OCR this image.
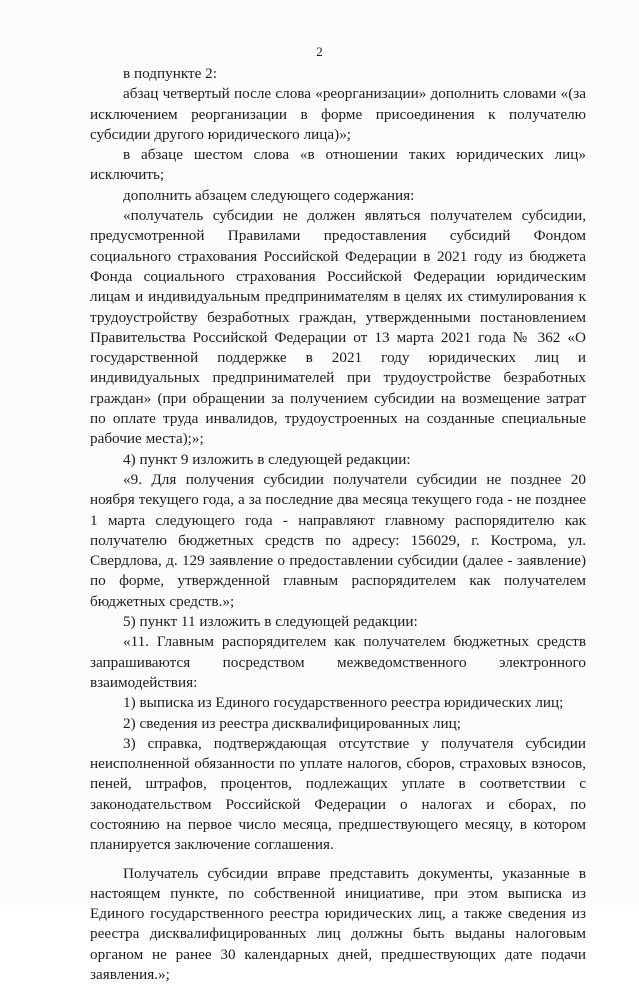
2

в подпункте 2:

абзац четвертый после слова «реорганизации» дополнить словами «(за исключением реорганизации в форме присоединения к получателю субсидии другого юридического лица)»;

в абзаце шестом слова «в отношении таких юридических лиц» исключить;

дополнить абзацем следующего содержания:

«получатель субсидии не должен являться получателем субсидии, предусмотренной Правилами предоставления субсидий Фондом социального страхования Российской Федерации в 2021 году из бюджета Фонда социального страхования Российской Федерации юридическим лицам и индивидуальным предпринимателям в целях их стимулирования к трудоустройству безработных граждан, утвержденными постановлением Правительства Российской Федерации от 13 марта 2021 года № 362 «О государственной поддержке в 2021 году юридических лиц и индивидуальных предпринимателей при трудоустройстве безработных граждан» (при обращении за получением субсидии на возмещение затрат по оплате труда инвалидов, трудоустроенных на созданные специальные рабочие места);»;

4) пункт 9 изложить в следующей редакции:

«9. Для получения субсидии получатели субсидии не позднее 20 ноября текущего года, а за последние два месяца текущего года - не позднее 1 марта следующего года - направляют главному распорядителю как получателю бюджетных средств по адресу: 156029, г. Кострома, ул. Свердлова, д. 129 заявление о предоставлении субсидии (далее - заявление) по форме, утвержденной главным распорядителем как получателем бюджетных средств.»;

5) пункт 11 изложить в следующей редакции:

«11. Главным распорядителем как получателем бюджетных средств запрашиваются посредством межведомственного электронного взаимодействия:

1) выписка из Единого государственного реестра юридических лиц;

2) сведения из реестра дисквалифицированных лиц;

3) справка, подтверждающая отсутствие у получателя субсидии неисполненной обязанности по уплате налогов, сборов, страховых взносов, пеней, штрафов, процентов, подлежащих уплате в соответствии с законодательством Российской Федерации о налогах и сборах, по состоянию на первое число месяца, предшествующего месяцу, в котором планируется заключение соглашения.

Получатель субсидии вправе представить документы, указанные в настоящем пункте, по собственной инициативе, при этом выписка из Единого государственного реестра юридических лиц, а также сведения из реестра дисквалифицированных лиц должны быть выданы налоговым органом не ранее 30 календарных дней, предшествующих дате подачи заявления.»;
